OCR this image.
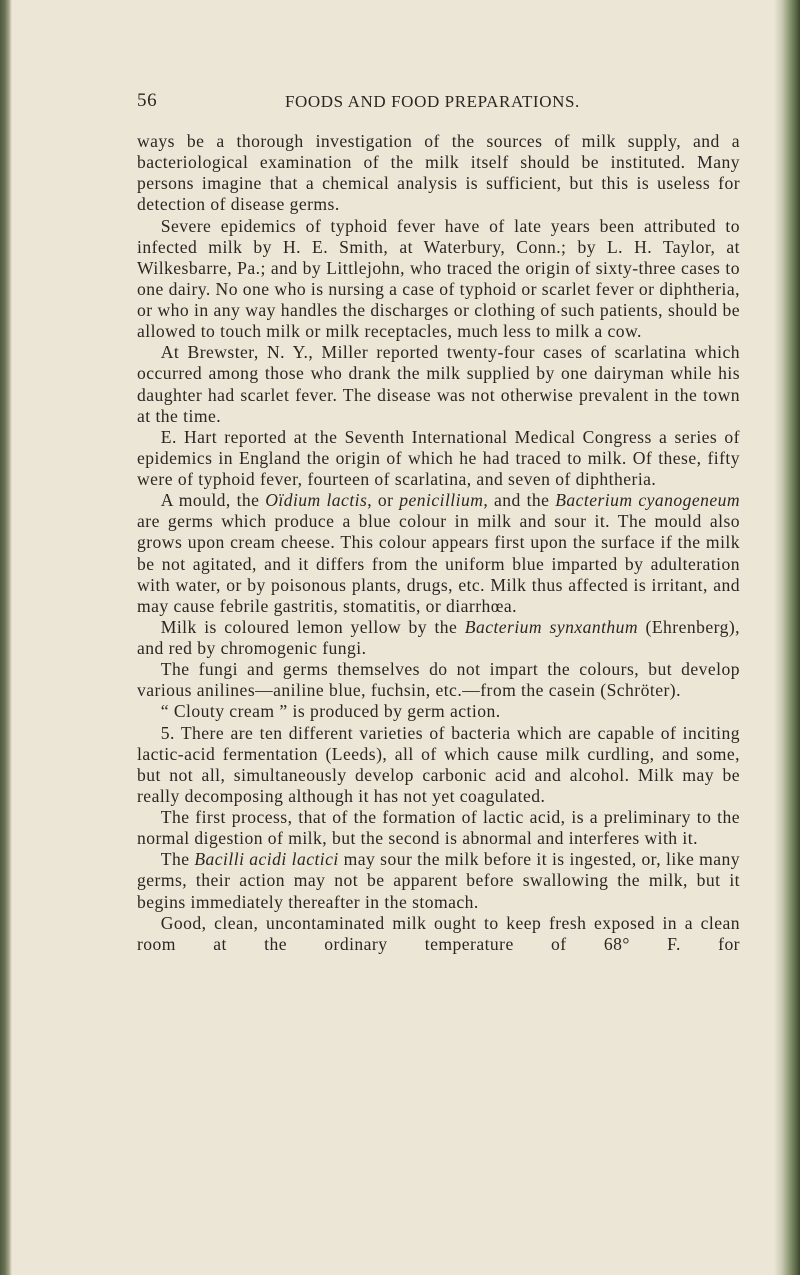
56	FOODS AND FOOD PREPARATIONS.

ways be a thorough investigation of the sources of milk supply, and a bacteriological examination of the milk itself should be instituted. Many persons imagine that a chemical analysis is sufficient, but this is useless for detection of disease germs.

Severe epidemics of typhoid fever have of late years been attributed to infected milk by H. E. Smith, at Waterbury, Conn.; by L. H. Taylor, at Wilkesbarre, Pa.; and by Littlejohn, who traced the origin of sixty-three cases to one dairy. No one who is nursing a case of typhoid or scarlet fever or diphtheria, or who in any way handles the discharges or clothing of such patients, should be allowed to touch milk or milk receptacles, much less to milk a cow.

At Brewster, N. Y., Miller reported twenty-four cases of scarlatina which occurred among those who drank the milk supplied by one dairyman while his daughter had scarlet fever. The disease was not otherwise prevalent in the town at the time.

E. Hart reported at the Seventh International Medical Congress a series of epidemics in England the origin of which he had traced to milk. Of these, fifty were of typhoid fever, fourteen of scarlatina, and seven of diphtheria.

A mould, the Oïdium lactis, or penicillium, and the Bacterium cyanogeneum are germs which produce a blue colour in milk and sour it. The mould also grows upon cream cheese. This colour appears first upon the surface if the milk be not agitated, and it differs from the uniform blue imparted by adulteration with water, or by poisonous plants, drugs, etc. Milk thus affected is irritant, and may cause febrile gastritis, stomatitis, or diarrhœa.

Milk is coloured lemon yellow by the Bacterium synxanthum (Ehrenberg), and red by chromogenic fungi.

The fungi and germs themselves do not impart the colours, but develop various anilines—aniline blue, fuchsin, etc.—from the casein (Schröter).

“ Clouty cream ” is produced by germ action.

5. There are ten different varieties of bacteria which are capable of inciting lactic-acid fermentation (Leeds), all of which cause milk curdling, and some, but not all, simultaneously develop carbonic acid and alcohol. Milk may be really decomposing although it has not yet coagulated.

The first process, that of the formation of lactic acid, is a preliminary to the normal digestion of milk, but the second is abnormal and interferes with it.

The Bacilli acidi lactici may sour the milk before it is ingested, or, like many germs, their action may not be apparent before swallowing the milk, but it begins immediately thereafter in the stomach.

Good, clean, uncontaminated milk ought to keep fresh exposed in a clean room at the ordinary temperature of 68° F. for
